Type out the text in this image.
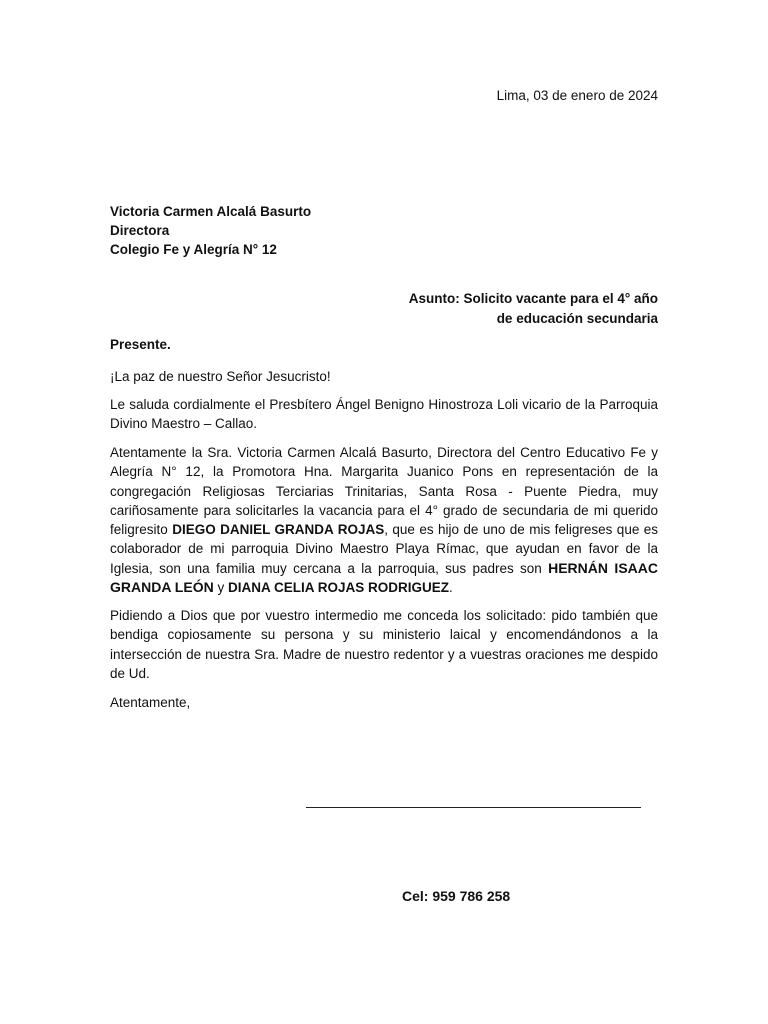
Lima, 03 de enero de 2024
Victoria Carmen Alcalá Basurto
Directora
Colegio Fe y Alegría N° 12
Asunto: Solicito vacante para el 4° año
de educación secundaria
Presente.

¡La paz de nuestro Señor Jesucristo!

Le saluda cordialmente el Presbítero Ángel Benigno Hinostroza Loli vicario de la Parroquia Divino Maestro – Callao.

Atentamente la Sra. Victoria Carmen Alcalá Basurto, Directora del Centro Educativo Fe y Alegría N° 12, la Promotora Hna. Margarita Juanico Pons en representación de la congregación Religiosas Terciarias Trinitarias, Santa Rosa - Puente Piedra, muy cariñosamente para solicitarles la vacancia para el 4° grado de secundaria de mi querido feligresito DIEGO DANIEL GRANDA ROJAS, que es hijo de uno de mis feligreses que es colaborador de mi parroquia Divino Maestro Playa Rímac, que ayudan en favor de la Iglesia, son una familia muy cercana a la parroquia, sus padres son HERNÁN ISAAC GRANDA LEÓN y DIANA CELIA ROJAS RODRIGUEZ.

Pidiendo a Dios que por vuestro intermedio me conceda los solicitado: pido también que bendiga copiosamente su persona y su ministerio laical y encomendándonos a la intersección de nuestra Sra. Madre de nuestro redentor y a vuestras oraciones me despido de Ud.

Atentamente,

Cel: 959 786 258
